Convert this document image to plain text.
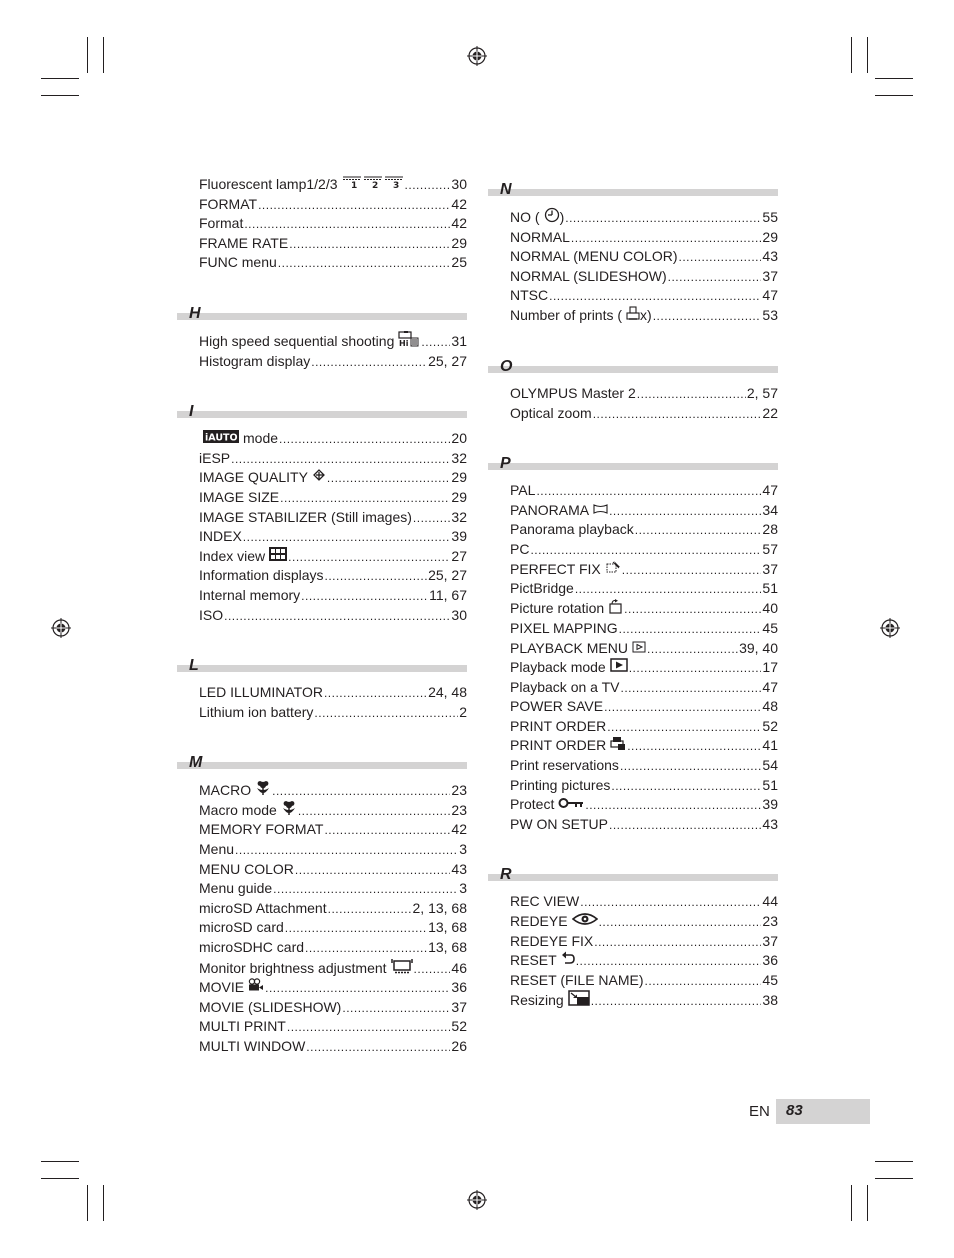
Fluorescent lamp1/2/3 1 2 3 .....	30
FORMAT .....	42
Format .....	42
FRAME RATE .....	29
FUNC menu .....	25
H
High speed sequential shooting Hi .....	31
Histogram display .....	25, 27
I
iAUTO mode .....	20
iESP .....	32
IMAGE QUALITY .....	29
IMAGE SIZE .....	29
IMAGE STABILIZER (Still images) .....	32
INDEX .....	39
Index view .....	27
Information displays .....	25, 27
Internal memory .....	11, 67
ISO .....	30
L
LED ILLUMINATOR .....	24, 48
Lithium ion battery .....	2
M
MACRO .....	23
Macro mode .....	23
MEMORY FORMAT .....	42
Menu .....	3
MENU COLOR .....	43
Menu guide .....	3
microSD Attachment .....	2, 13, 68
microSD card .....	13, 68
microSDHC card .....	13, 68
Monitor brightness adjustment .....	46
MOVIE .....	36
MOVIE (SLIDESHOW) .....	37
MULTI PRINT .....	52
MULTI WINDOW .....	26
N
NO ( ) .....	55
NORMAL .....	29
NORMAL (MENU COLOR) .....	43
NORMAL (SLIDESHOW) .....	37
NTSC .....	47
Number of prints ( x) .....	53
O
OLYMPUS Master 2 .....	2, 57
Optical zoom .....	22
P
PAL .....	47
PANORAMA .....	34
Panorama playback .....	28
PC .....	57
PERFECT FIX .....	37
PictBridge .....	51
Picture rotation .....	40
PIXEL MAPPING .....	45
PLAYBACK MENU .....	39, 40
Playback mode .....	17
Playback on a TV .....	47
POWER SAVE .....	48
PRINT ORDER .....	52
PRINT ORDER .....	41
Print reservations .....	54
Printing pictures .....	51
Protect .....	39
PW ON SETUP .....	43
R
REC VIEW .....	44
REDEYE .....	23
REDEYE FIX .....	37
RESET .....	36
RESET (FILE NAME) .....	45
Resizing .....	38
EN 83
